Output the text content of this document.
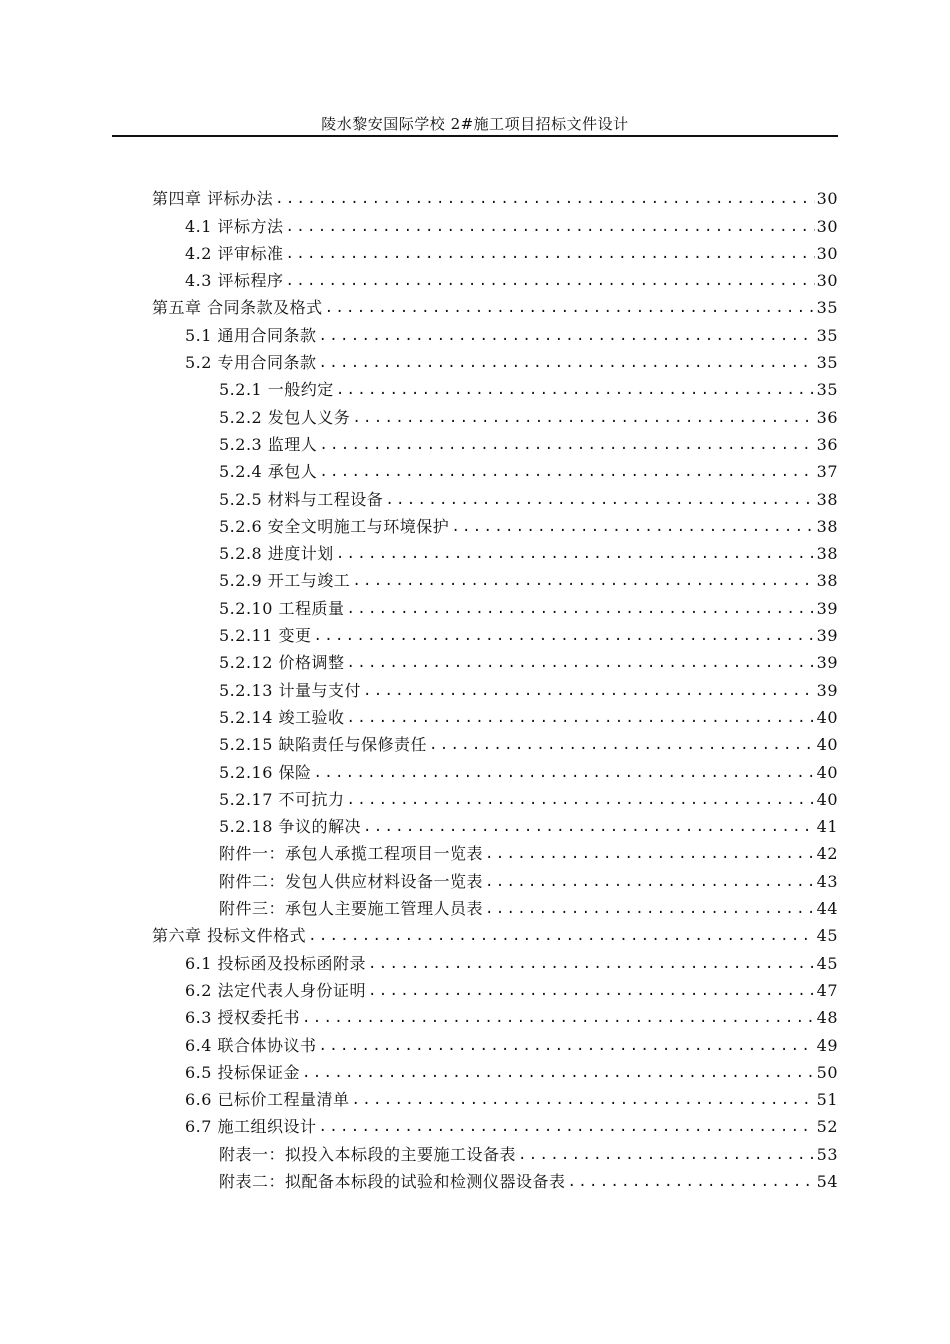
陵水黎安国际学校 2#施工项目招标文件设计
第四章 评标办法 .....	30
4.1 评标方法 .....	30
4.2 评审标准 .....	30
4.3 评标程序 .....	30
第五章 合同条款及格式 .....	35
5.1 通用合同条款 .....	35
5.2 专用合同条款 .....	35
5.2.1 一般约定 .....	35
5.2.2 发包人义务 .....	36
5.2.3 监理人 .....	36
5.2.4 承包人 .....	37
5.2.5 材料与工程设备 .....	38
5.2.6 安全文明施工与环境保护 .....	38
5.2.8 进度计划 .....	38
5.2.9 开工与竣工 .....	38
5.2.10 工程质量 .....	39
5.2.11 变更 .....	39
5.2.12 价格调整 .....	39
5.2.13 计量与支付 .....	39
5.2.14 竣工验收 .....	40
5.2.15 缺陷责任与保修责任 .....	40
5.2.16 保险 .....	40
5.2.17 不可抗力 .....	40
5.2.18 争议的解决 .....	41
附件一：承包人承揽工程项目一览表 .....	42
附件二：发包人供应材料设备一览表 .....	43
附件三：承包人主要施工管理人员表 .....	44
第六章 投标文件格式 .....	45
6.1 投标函及投标函附录 .....	45
6.2 法定代表人身份证明 .....	47
6.3 授权委托书 .....	48
6.4 联合体协议书 .....	49
6.5 投标保证金 .....	50
6.6 已标价工程量清单 .....	51
6.7 施工组织设计 .....	52
附表一：拟投入本标段的主要施工设备表 .....	53
附表二：拟配备本标段的试验和检测仪器设备表 .....	54
